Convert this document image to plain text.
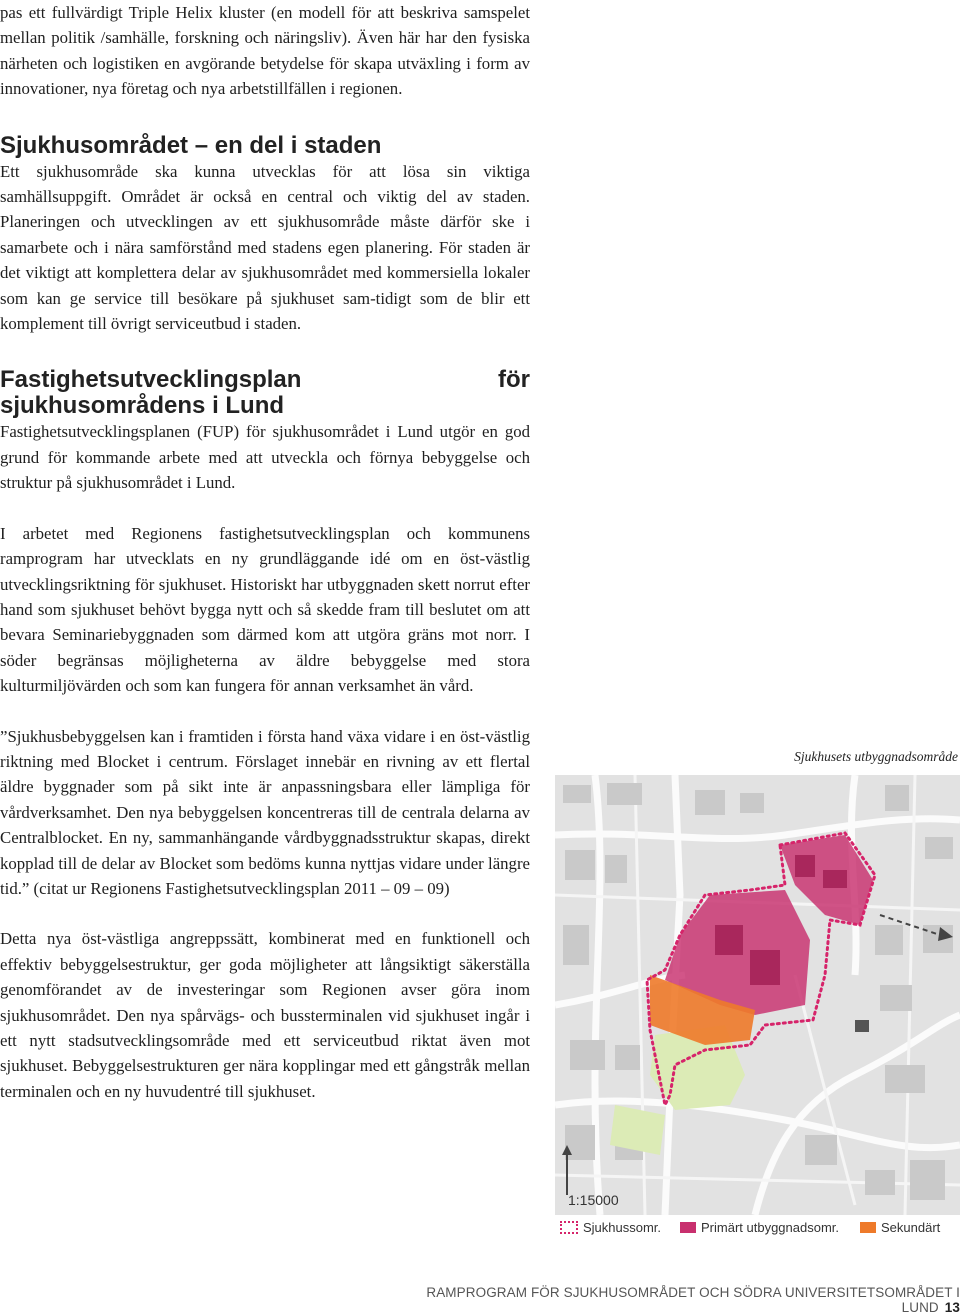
pas ett fullvärdigt Triple Helix kluster (en modell för att beskriva samspelet mellan politik /samhälle, forskning och näringsliv). Även här har den fysiska närheten och logistiken en avgörande betydelse för skapa utväxling i form av innovationer, nya företag och nya arbetstillfällen i regionen.

Sjukhusområdet – en del i staden

Ett sjukhusområde ska kunna utvecklas för att lösa sin viktiga samhällsuppgift. Området är också en central och viktig del av staden. Planeringen och utvecklingen av ett sjukhusområde måste därför ske i samarbete och i nära samförstånd med stadens egen planering. För staden är det viktigt att komplettera delar av sjukhusområdet med kommersiella lokaler som kan ge service till besökare på sjukhuset sam-tidigt som de blir ett komplement till övrigt serviceutbud i staden.

Fastighetsutvecklingsplan för sjukhusområdens i Lund

Fastighetsutvecklingsplanen (FUP) för sjukhusområdet i Lund utgör en god grund för kommande arbete med att utveckla och förnya bebyggelse och struktur på sjukhusområdet i Lund.

I arbetet med Regionens fastighetsutvecklingsplan och kommunens ramprogram har utvecklats en ny grundläggande idé om en öst-västlig utvecklingsriktning för sjukhuset. Historiskt har utbyggnaden skett norrut efter hand som sjukhuset behövt bygga nytt och så skedde fram till beslutet om att bevara Seminariebyggnaden som därmed kom att utgöra gräns mot norr. I söder begränsas möjligheterna av äldre bebyggelse med stora kulturmiljövärden och som kan fungera för annan verksamhet än vård.

”Sjukhusbebyggelsen kan i framtiden i första hand växa vidare i en öst-västlig riktning med Blocket i centrum. Förslaget innebär en rivning av ett flertal äldre byggnader som på sikt inte är anpassningsbara eller lämpliga för vårdverksamhet. Den nya bebyggelsen koncentreras till de centrala delarna av Centralblocket. En ny, sammanhängande vårdbyggnadsstruktur skapas, direkt kopplad till de delar av Blocket som bedöms kunna nyttjas vidare under längre tid.” (citat ur Regionens Fastighetsutvecklingsplan 2011 – 09 – 09)

Detta nya öst-västliga angreppssätt, kombinerat med en funktionell och effektiv bebyggelsestruktur, ger goda möjligheter att långsiktigt säkerställa genomförandet av de investeringar som Regionen avser göra inom sjukhusområdet. Den nya spårvägs- och bussterminalen vid sjukhuset ingår i ett nytt stadsutvecklingsområde med ett serviceutbud riktat även mot sjukhuset. Bebyggelsestrukturen ger nära kopplingar med ett gångstråk mellan terminalen och en ny huvudentré till sjukhuset.

Sjukhusets utbyggnadsområde
1:15000
Sjukhussomr.	Primärt utbyggnadsomr.	Sekundärt
RAMPROGRAM FÖR SJUKHUSOMRÅDET OCH SÖDRA UNIVERSITETSOMRÅDET I LUND 13
